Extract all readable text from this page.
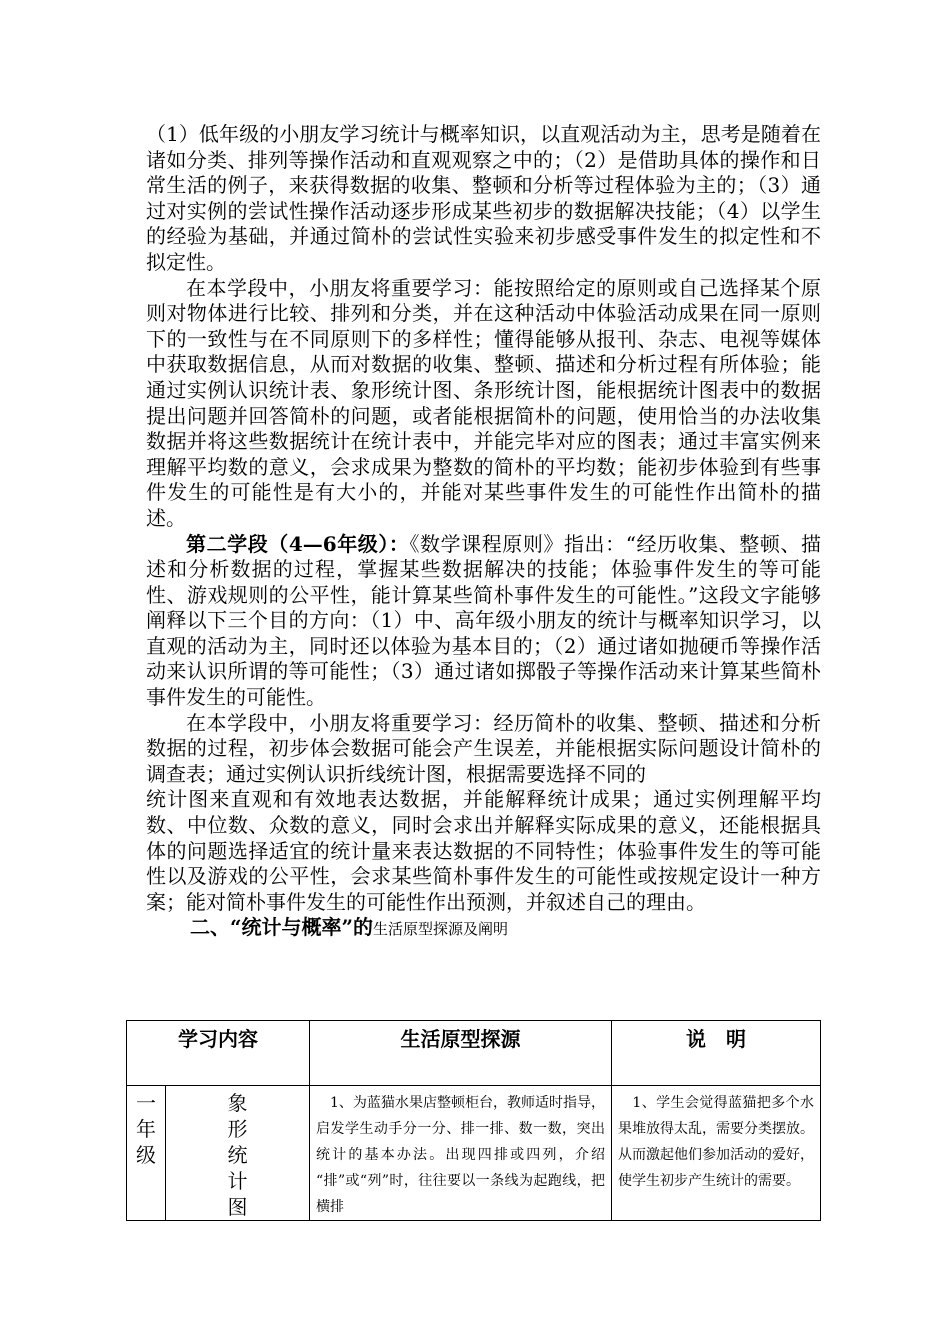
（1）低年级的小朋友学习统计与概率知识，以直观活动为主，思考是随着在诸如分类、排列等操作活动和直观观察之中的；（2）是借助具体的操作和日常生活的例子，来获得数据的收集、整顿和分析等过程体验为主的；（3）通过对实例的尝试性操作活动逐步形成某些初步的数据解决技能；（4）以学生的经验为基础，并通过简朴的尝试性实验来初步感受事件发生的拟定性和不拟定性。

在本学段中，小朋友将重要学习：能按照给定的原则或自己选择某个原则对物体进行比较、排列和分类，并在这种活动中体验活动成果在同一原则下的一致性与在不同原则下的多样性；懂得能够从报刊、杂志、电视等媒体中获取数据信息，从而对数据的收集、整顿、描述和分析过程有所体验；能通过实例认识统计表、象形统计图、条形统计图，能根据统计图表中的数据提出问题并回答简朴的问题，或者能根据简朴的问题，使用恰当的办法收集数据并将这些数据统计在统计表中，并能完毕对应的图表；通过丰富实例来理解平均数的意义，会求成果为整数的简朴的平均数；能初步体验到有些事件发生的可能性是有大小的，并能对某些事件发生的可能性作出简朴的描述。

第二学段（4—6年级）：《数学课程原则》指出：“经历收集、整顿、描述和分析数据的过程，掌握某些数据解决的技能；体验事件发生的等可能性、游戏规则的公平性，能计算某些简朴事件发生的可能性。”这段文字能够阐释以下三个目的方向：（1）中、高年级小朋友的统计与概率知识学习，以直观的活动为主，同时还以体验为基本目的；（2）通过诸如抛硬币等操作活动来认识所谓的等可能性；（3）通过诸如掷骰子等操作活动来计算某些简朴事件发生的可能性。

在本学段中，小朋友将重要学习：经历简朴的收集、整顿、描述和分析数据的过程，初步体会数据可能会产生误差，并能根据实际问题设计简朴的调查表；通过实例认识折线统计图，根据需要选择不同的

统计图来直观和有效地表达数据，并能解释统计成果；通过实例理解平均数、中位数、众数的意义，同时会求出并解释实际成果的意义，还能根据具体的问题选择适宜的统计量来表达数据的不同特性；体验事件发生的等可能性以及游戏的公平性，会求某些简朴事件发生的可能性或按规定设计一种方案；能对简朴事件发生的可能性作出预测，并叙述自己的理由。

二、“统计与概率”的生活原型探源及阐明

学习内容		生活原型探源	说　明

一年级	象
形
统
计
图	　1、为蓝猫水果店整顿柜台，教师适时指导，启发学生动手分一分、排一排、数一数，突出统计的基本办法。出现四排或四列，介绍 “排”或“列”时，往往要以一条线为起跑线，把横排	　1、学生会觉得蓝猫把多个水果堆放得太乱，需要分类摆放。从而激起他们参加活动的爱好，使学生初步产生统计的需要。
